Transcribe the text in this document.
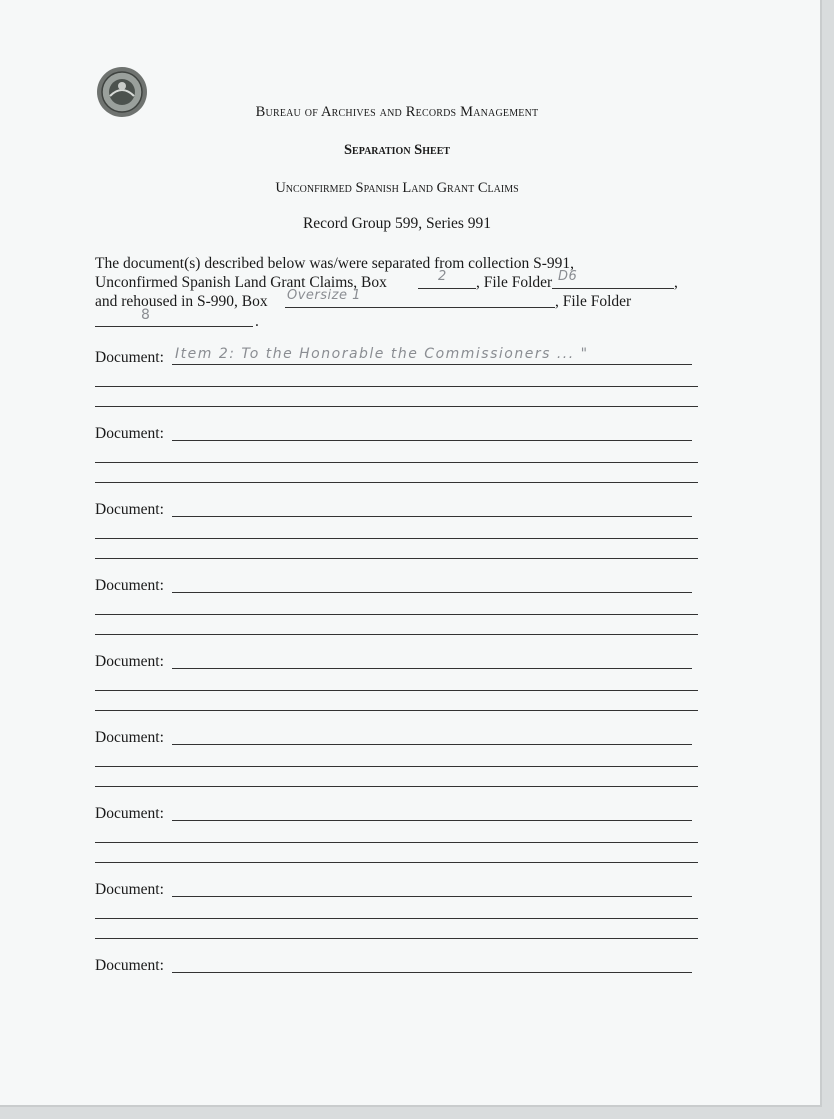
Bureau of Archives and Records Management
Separation Sheet
Unconfirmed Spanish Land Grant Claims
Record Group 599, Series 991
The document(s) described below was/were separated from collection S-991,
Unconfirmed Spanish Land Grant Claims, Box	2 , File Folder D6	,
and rehoused in S-990, Box Oversize 1	, File Folder
8	.
Document: Item 2: To the Honorable the Commissioners ... "
Document:
Document:
Document:
Document:
Document:
Document:
Document:
Document:
